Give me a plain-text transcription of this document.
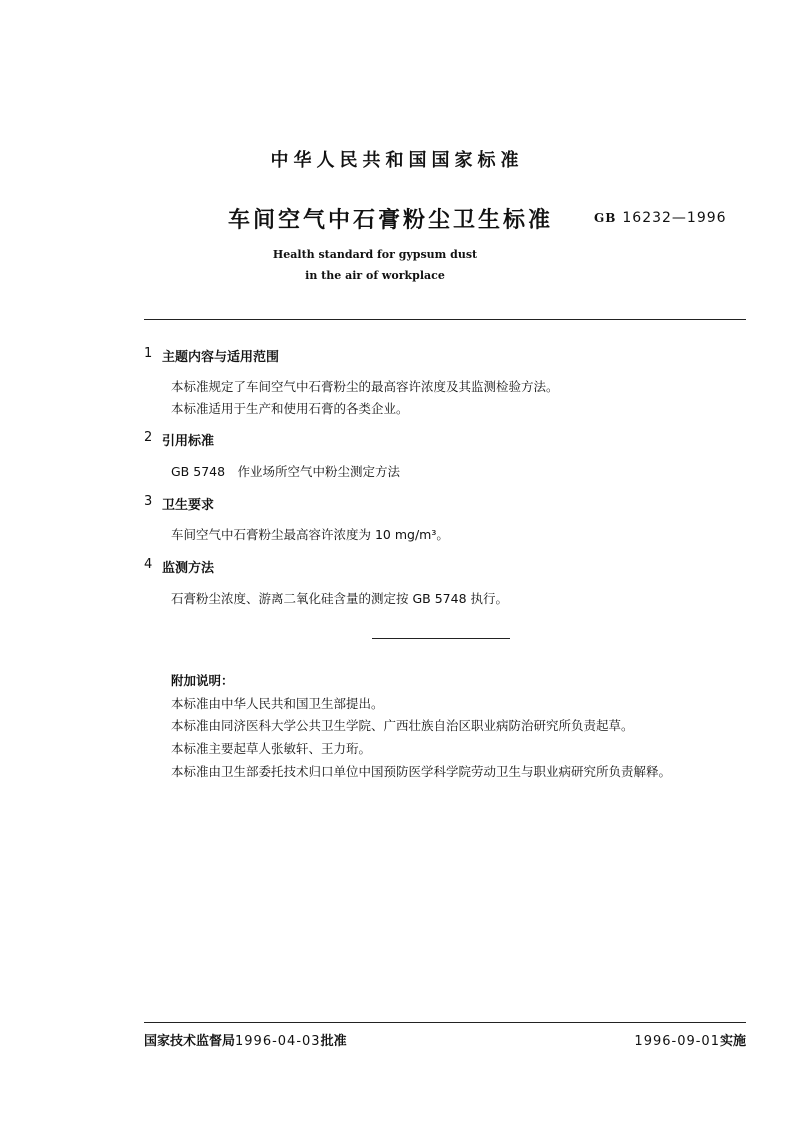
中华人民共和国国家标准
车间空气中石膏粉尘卫生标准	GB 16232—1996
Health standard for gypsum dust
in the air of workplace
1 主题内容与适用范围
本标准规定了车间空气中石膏粉尘的最高容许浓度及其监测检验方法。
本标准适用于生产和使用石膏的各类企业。
2 引用标准
GB 5748　作业场所空气中粉尘测定方法
3 卫生要求
车间空气中石膏粉尘最高容许浓度为 10 mg/m³。
4 监测方法
石膏粉尘浓度、游离二氧化硅含量的测定按 GB 5748 执行。
附加说明：
本标准由中华人民共和国卫生部提出。
本标准由同济医科大学公共卫生学院、广西壮族自治区职业病防治研究所负责起草。
本标准主要起草人张敏轩、王力珩。
本标准由卫生部委托技术归口单位中国预防医学科学院劳动卫生与职业病研究所负责解释。
国家技术监督局1996-04-03批准	1996-09-01实施
